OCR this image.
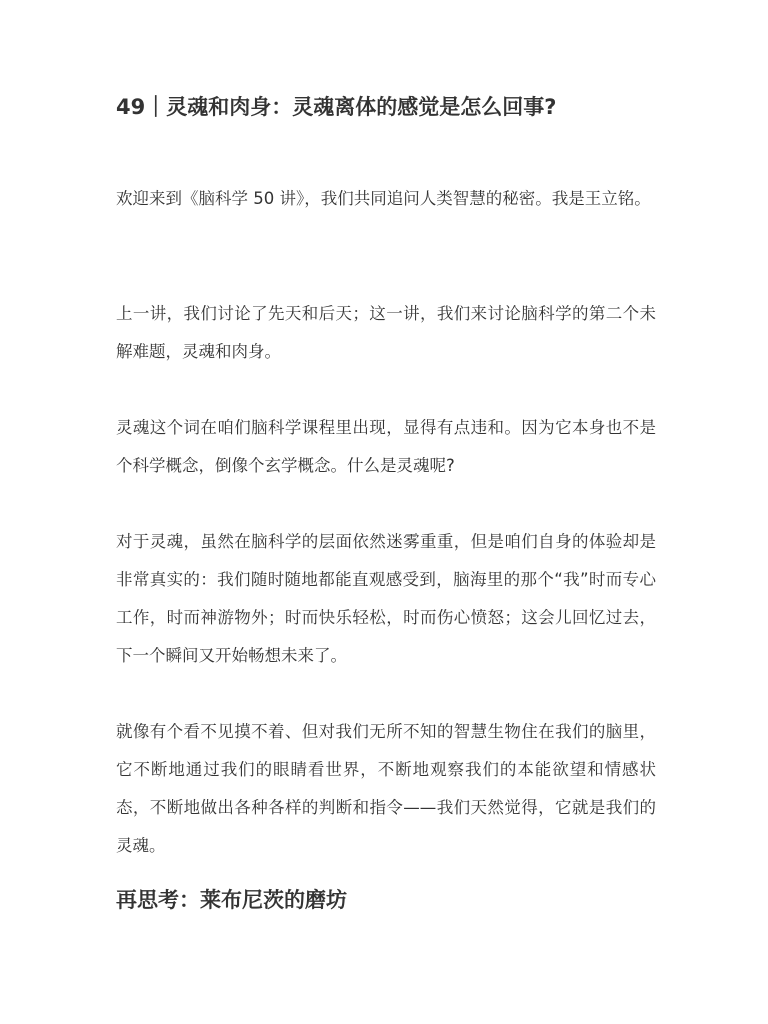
49｜灵魂和肉身：灵魂离体的感觉是怎么回事?

欢迎来到《脑科学 50 讲》，我们共同追问人类智慧的秘密。我是王立铭。

上一讲，我们讨论了先天和后天；这一讲，我们来讨论脑科学的第二个未解难题，灵魂和肉身。

灵魂这个词在咱们脑科学课程里出现，显得有点违和。因为它本身也不是个科学概念，倒像个玄学概念。什么是灵魂呢?

对于灵魂，虽然在脑科学的层面依然迷雾重重，但是咱们自身的体验却是非常真实的：我们随时随地都能直观感受到，脑海里的那个“我”时而专心工作，时而神游物外；时而快乐轻松，时而伤心愤怒；这会儿回忆过去，下一个瞬间又开始畅想未来了。

就像有个看不见摸不着、但对我们无所不知的智慧生物住在我们的脑里，它不断地通过我们的眼睛看世界，不断地观察我们的本能欲望和情感状态，不断地做出各种各样的判断和指令——我们天然觉得，它就是我们的灵魂。

再思考：莱布尼茨的磨坊
